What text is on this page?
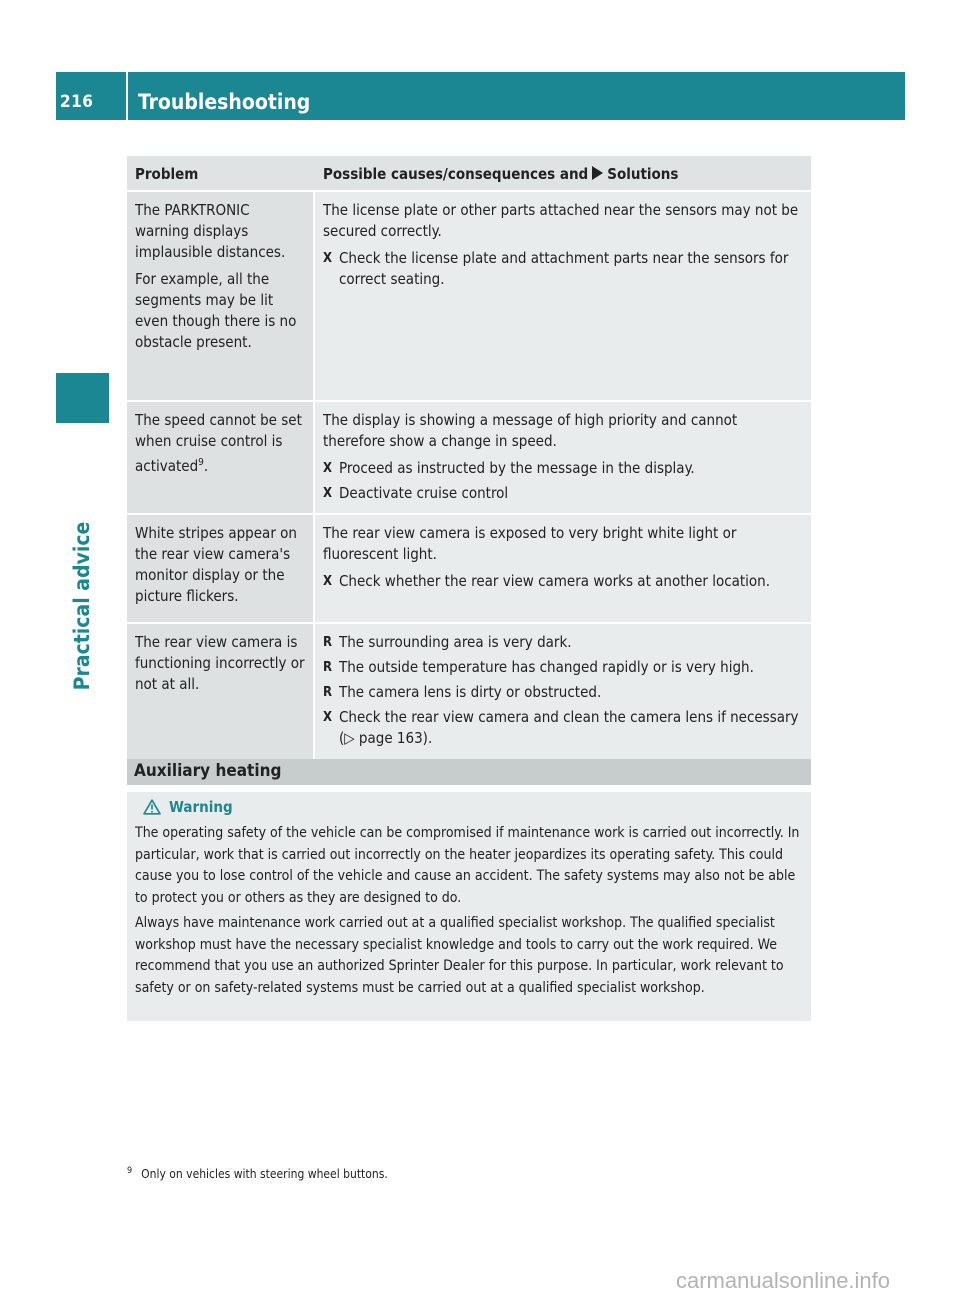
216 Troubleshooting
Practical advice
Problem	Possible causes/consequences and Solutions

The PARKTRONIC warning displays implausible distances.

For example, all the segments may be lit even though there is no obstacle present.

The license plate or other parts attached near the sensors may not be secured correctly.

X Check the license plate and attachment parts near the sensors for correct seating.

The speed cannot be set when cruise control is activated$^9$.

The display is showing a message of high priority and cannot therefore show a change in speed.

X Proceed as instructed by the message in the display.
X Deactivate cruise control

White stripes appear on the rear view camera's monitor display or the picture flickers.

The rear view camera is exposed to very bright white light or fluorescent light.

X Check whether the rear view camera works at another location.

The rear view camera is functioning incorrectly or not at all.

R The surrounding area is very dark.
R The outside temperature has changed rapidly or is very high.
R The camera lens is dirty or obstructed.
X Check the rear view camera and clean the camera lens if necessary (▷ page 163).
Auxiliary heating
Warning

The operating safety of the vehicle can be compromised if maintenance work is carried out incorrectly. In particular, work that is carried out incorrectly on the heater jeopardizes its operating safety. This could cause you to lose control of the vehicle and cause an accident. The safety systems may also not be able to protect you or others as they are designed to do.

Always have maintenance work carried out at a qualified specialist workshop. The qualified specialist workshop must have the necessary specialist knowledge and tools to carry out the work required. We recommend that you use an authorized Sprinter Dealer for this purpose. In particular, work relevant to safety or on safety-related systems must be carried out at a qualified specialist workshop.

$^9$ Only on vehicles with steering wheel buttons.
carmanualsonline.info
